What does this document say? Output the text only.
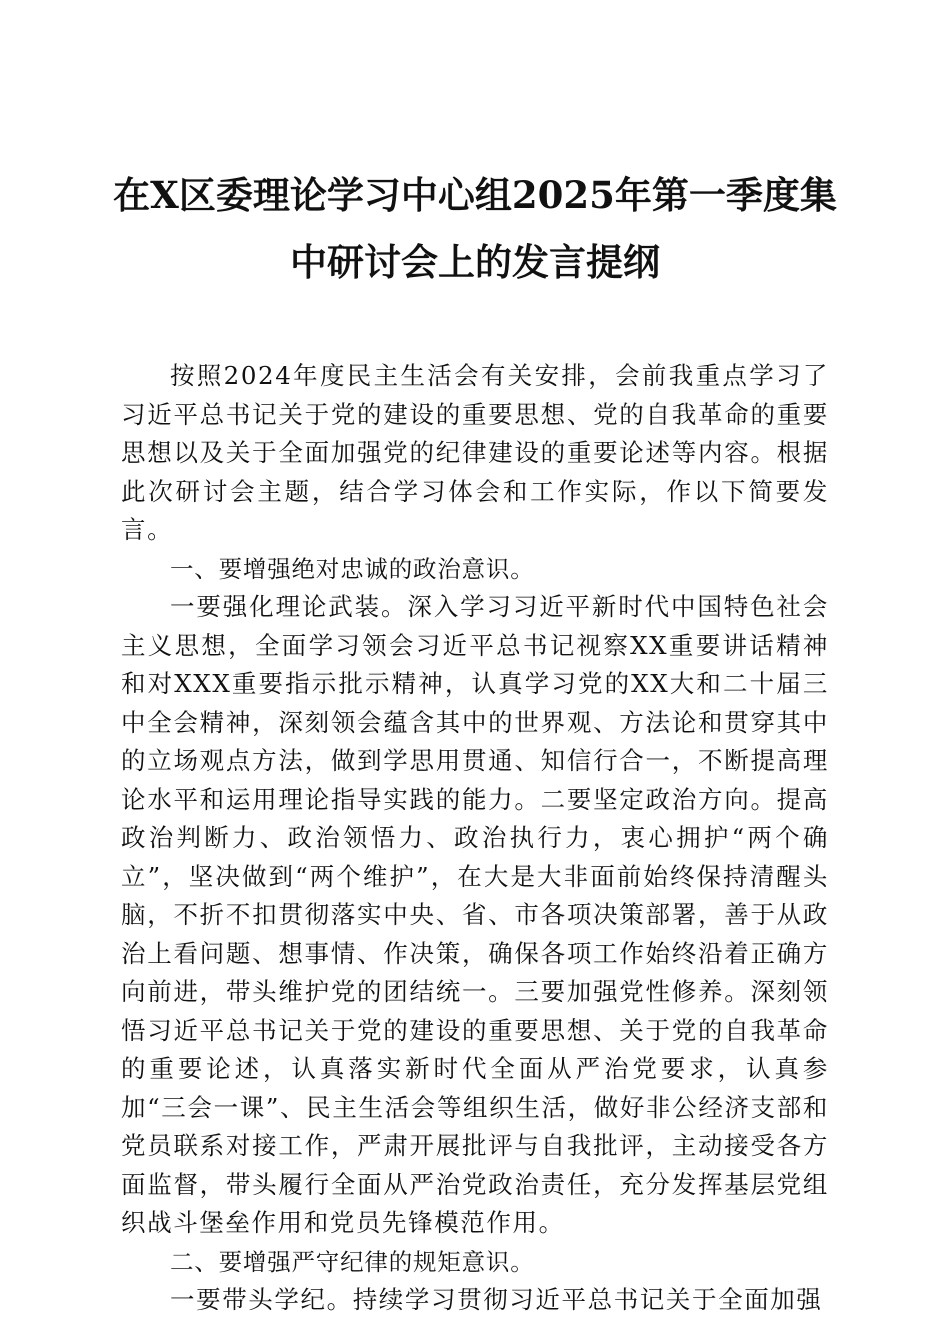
在X区委理论学习中心组2025年第一季度集
中研讨会上的发言提纲

按照2024年度民主生活会有关安排，会前我重点学习了习近平总书记关于党的建设的重要思想、党的自我革命的重要思想以及关于全面加强党的纪律建设的重要论述等内容。根据此次研讨会主题，结合学习体会和工作实际，作以下简要发言。

一、要增强绝对忠诚的政治意识。

一要强化理论武装。深入学习习近平新时代中国特色社会主义思想，全面学习领会习近平总书记视察XX重要讲话精神和对XXX重要指示批示精神，认真学习党的XX大和二十届三中全会精神，深刻领会蕴含其中的世界观、方法论和贯穿其中的立场观点方法，做到学思用贯通、知信行合一，不断提高理论水平和运用理论指导实践的能力。二要坚定政治方向。提高政治判断力、政治领悟力、政治执行力，衷心拥护“两个确立”，坚决做到“两个维护”，在大是大非面前始终保持清醒头脑，不折不扣贯彻落实中央、省、市各项决策部署，善于从政治上看问题、想事情、作决策，确保各项工作始终沿着正确方向前进，带头维护党的团结统一。三要加强党性修养。深刻领悟习近平总书记关于党的建设的重要思想、关于党的自我革命的重要论述，认真落实新时代全面从严治党要求，认真参加“三会一课”、民主生活会等组织生活，做好非公经济支部和党员联系对接工作，严肃开展批评与自我批评，主动接受各方面监督，带头履行全面从严治党政治责任，充分发挥基层党组织战斗堡垒作用和党员先锋模范作用。

二、要增强严守纪律的规矩意识。

一要带头学纪。持续学习贯彻习近平总书记关于全面加强
